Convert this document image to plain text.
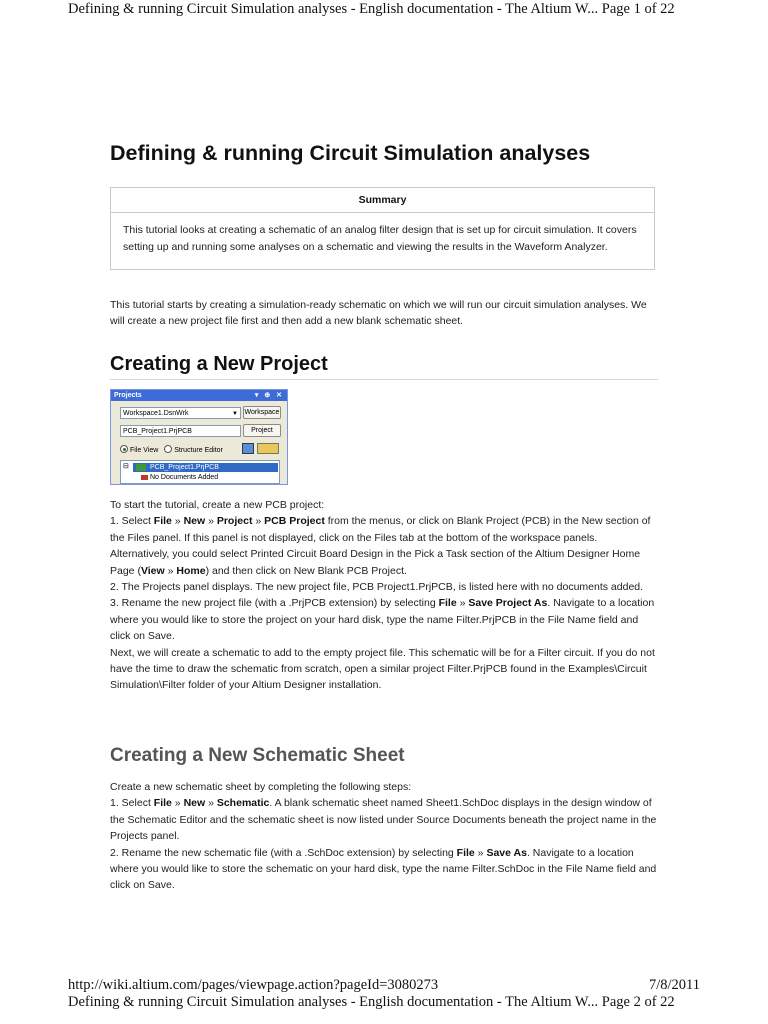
Defining & running Circuit Simulation analyses - English documentation - The Altium W... Page 1 of 22
Defining & running Circuit Simulation analyses
Summary
This tutorial looks at creating a schematic of an analog filter design that is set up for circuit simulation. It covers setting up and running some analyses on a schematic and viewing the results in the Waveform Analyzer.

This tutorial starts by creating a simulation-ready schematic on which we will run our circuit simulation analyses. We will create a new project file first and then add a new blank schematic sheet.

Creating a New Project
Projects	▾ ⊕ ✕
Workspace1.DsnWrk	▼ Workspace
PCB_Project1.PrjPCB	Project
File View Structure Editor
⊟	PCB_Project1.PrjPCB
No Documents Added
To start the tutorial, create a new PCB project:
1. Select File » New » Project » PCB Project from the menus, or click on Blank Project (PCB) in the New section of the Files panel. If this panel is not displayed, click on the Files tab at the bottom of the workspace panels.
Alternatively, you could select Printed Circuit Board Design in the Pick a Task section of the Altium Designer Home Page (View » Home) and then click on New Blank PCB Project.
2. The Projects panel displays. The new project file, PCB Project1.PrjPCB, is listed here with no documents added.
3. Rename the new project file (with a .PrjPCB extension) by selecting File » Save Project As. Navigate to a location where you would like to store the project on your hard disk, type the name Filter.PrjPCB in the File Name field and click on Save.
Next, we will create a schematic to add to the empty project file. This schematic will be for a Filter circuit. If you do not have the time to draw the schematic from scratch, open a similar project Filter.PrjPCB found in the Examples\Circuit Simulation\Filter folder of your Altium Designer installation.
Creating a New Schematic Sheet
Create a new schematic sheet by completing the following steps:
1. Select File » New » Schematic. A blank schematic sheet named Sheet1.SchDoc displays in the design window of the Schematic Editor and the schematic sheet is now listed under Source Documents beneath the project name in the Projects panel.
2. Rename the new schematic file (with a .SchDoc extension) by selecting File » Save As. Navigate to a location where you would like to store the schematic on your hard disk, type the name Filter.SchDoc in the File Name field and click on Save.
http://wiki.altium.com/pages/viewpage.action?pageId=3080273	7/8/2011
Defining & running Circuit Simulation analyses - English documentation - The Altium W... Page 2 of 22
